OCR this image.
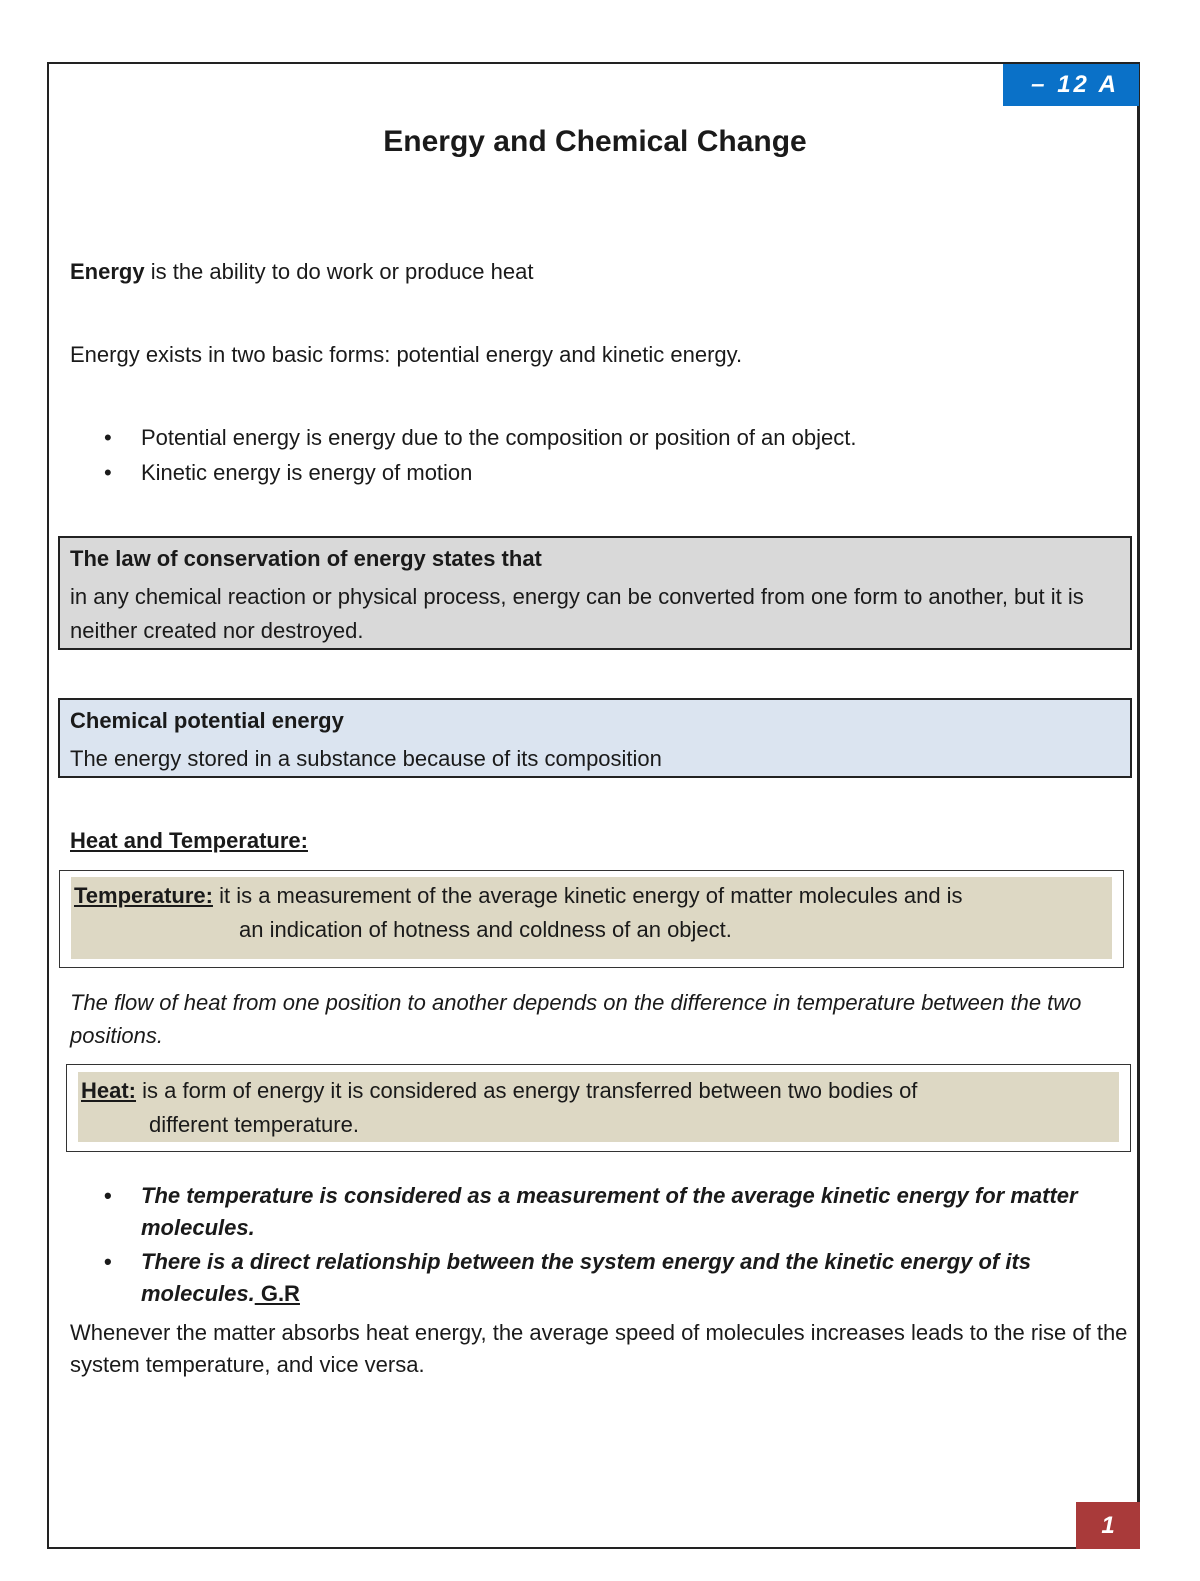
– 12 A
Energy and Chemical Change

Energy is the ability to do work or produce heat

Energy exists in two basic forms: potential energy and kinetic energy.

• Potential energy is energy due to the composition or position of an object.
• Kinetic energy is energy of motion

The law of conservation of energy states that

in any chemical reaction or physical process, energy can be converted from one form to another, but it is neither created nor destroyed.

Chemical potential energy

The energy stored in a substance because of its composition

Heat and Temperature:

Temperature: it is a measurement of the average kinetic energy of matter molecules and is
an indication of hotness and coldness of an object.

The flow of heat from one position to another depends on the difference in temperature between the two positions.

Heat: is a form of energy it is considered as energy transferred between two bodies of
different temperature.
• The temperature is considered as a measurement of the average kinetic energy for matter molecules.
• There is a direct relationship between the system energy and the kinetic energy of its molecules. G.R

Whenever the matter absorbs heat energy, the average speed of molecules increases leads to the rise of the system temperature, and vice versa.

1
